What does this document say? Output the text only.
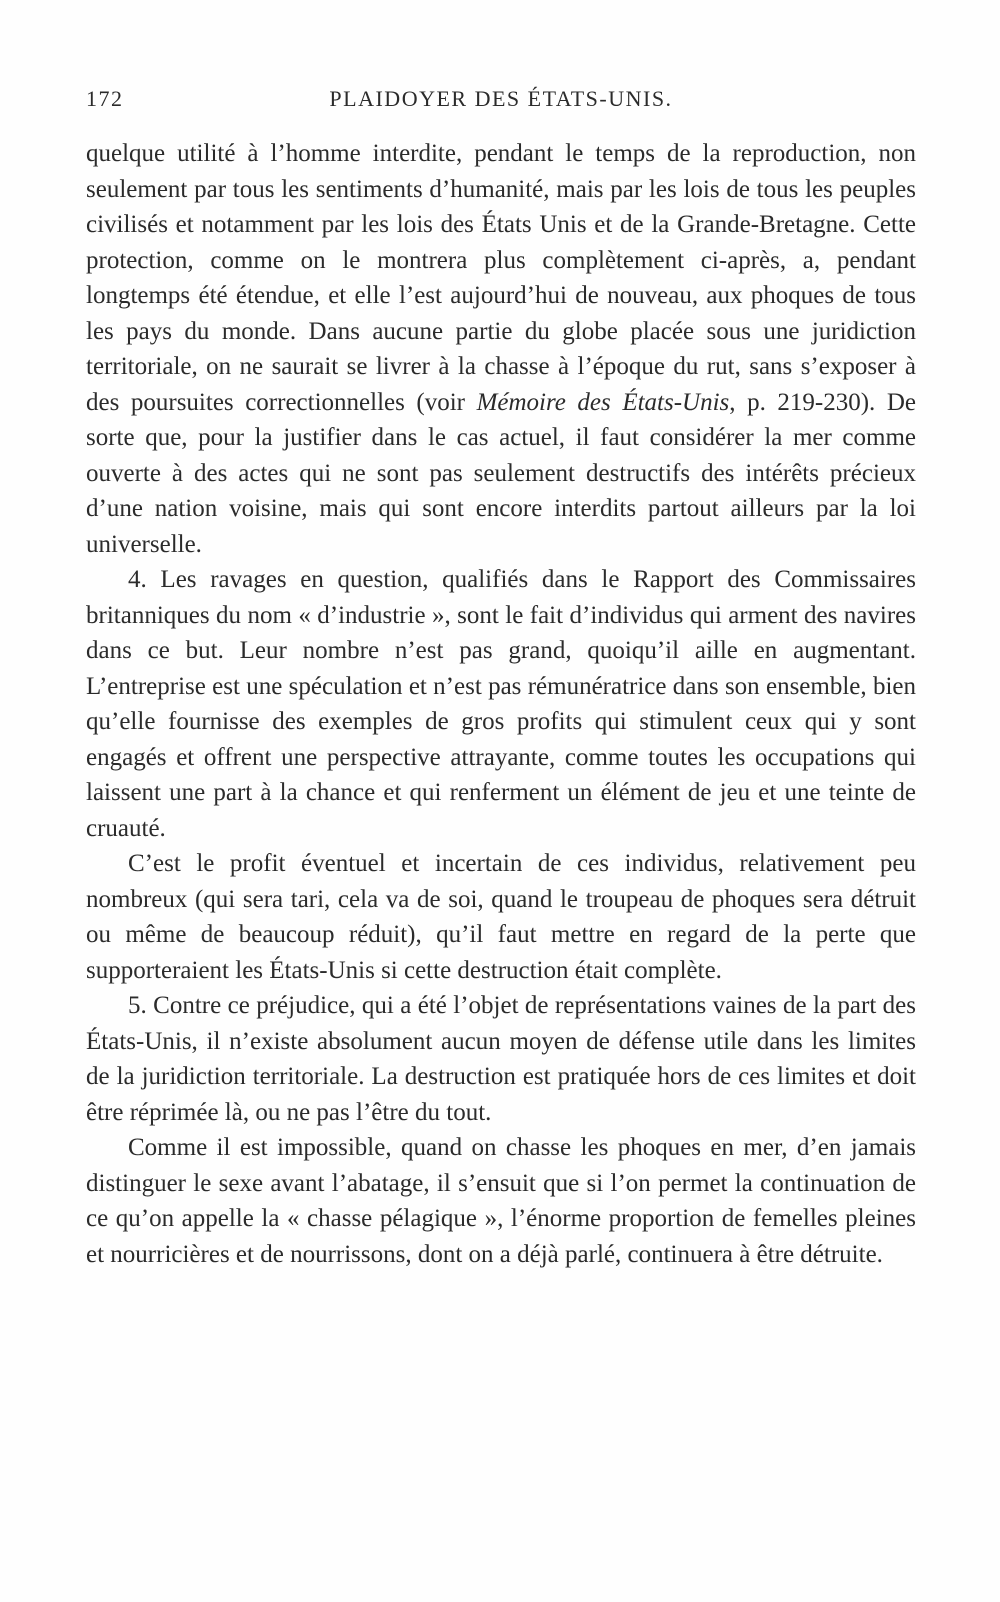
172	PLAIDOYER DES ÉTATS-UNIS.

quelque utilité à l’homme interdite, pendant le temps de la reproduction, non seulement par tous les sentiments d’humanité, mais par les lois de tous les peuples civilisés et notamment par les lois des États Unis et de la Grande-Bretagne. Cette protection, comme on le montrera plus complètement ci-après, a, pendant longtemps été étendue, et elle l’est aujourd’hui de nouveau, aux phoques de tous les pays du monde. Dans aucune partie du globe placée sous une juridiction territoriale, on ne saurait se livrer à la chasse à l’époque du rut, sans s’exposer à des poursuites correctionnelles (voir Mémoire des États-Unis, p. 219-230). De sorte que, pour la justifier dans le cas actuel, il faut considérer la mer comme ouverte à des actes qui ne sont pas seulement destructifs des intérêts précieux d’une nation voisine, mais qui sont encore interdits partout ailleurs par la loi universelle.

4. Les ravages en question, qualifiés dans le Rapport des Commissaires britanniques du nom « d’industrie », sont le fait d’individus qui arment des navires dans ce but. Leur nombre n’est pas grand, quoiqu’il aille en augmentant. L’entreprise est une spéculation et n’est pas rémunératrice dans son ensemble, bien qu’elle fournisse des exemples de gros profits qui stimulent ceux qui y sont engagés et offrent une perspective attrayante, comme toutes les occupations qui laissent une part à la chance et qui renferment un élément de jeu et une teinte de cruauté.

C’est le profit éventuel et incertain de ces individus, relativement peu nombreux (qui sera tari, cela va de soi, quand le troupeau de phoques sera détruit ou même de beaucoup réduit), qu’il faut mettre en regard de la perte que supporteraient les États-Unis si cette destruction était complète.

5. Contre ce préjudice, qui a été l’objet de représentations vaines de la part des États-Unis, il n’existe absolument aucun moyen de défense utile dans les limites de la juridiction territoriale. La destruction est pratiquée hors de ces limites et doit être réprimée là, ou ne pas l’être du tout.

Comme il est impossible, quand on chasse les phoques en mer, d’en jamais distinguer le sexe avant l’abatage, il s’ensuit que si l’on permet la continuation de ce qu’on appelle la « chasse pélagique », l’énorme proportion de femelles pleines et nourricières et de nourrissons, dont on a déjà parlé, continuera à être détruite.
